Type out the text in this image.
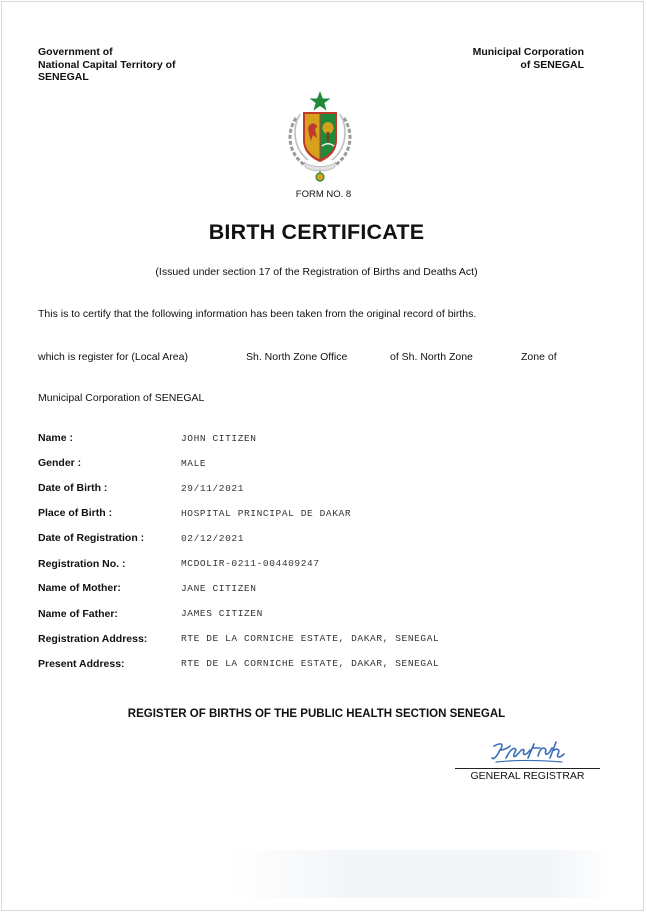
Government of
National Capital Territory of
SENEGAL
Municipal Corporation
of SENEGAL
FORM NO. 8
BIRTH CERTIFICATE
(Issued under section 17 of the Registration of Births and Deaths Act)
This is to certify that the following information has been taken from the original record of births.
which is register for (Local Area)	Sh. North Zone Office	of Sh. North Zone	Zone of
Municipal Corporation of SENEGAL
Name :	JOHN CITIZEN
Gender :	MALE
Date of Birth :	29/11/2021
Place of Birth :	HOSPITAL PRINCIPAL DE DAKAR
Date of Registration :	02/12/2021
Registration No. :	MCDOLIR-0211-004409247
Name of Mother:	JANE CITIZEN
Name of Father:	JAMES CITIZEN
Registration Address:	RTE DE LA CORNICHE ESTATE, DAKAR, SENEGAL
Present Address:	RTE DE LA CORNICHE ESTATE, DAKAR, SENEGAL
REGISTER OF BIRTHS OF THE PUBLIC HEALTH SECTION SENEGAL
GENERAL REGISTRAR
